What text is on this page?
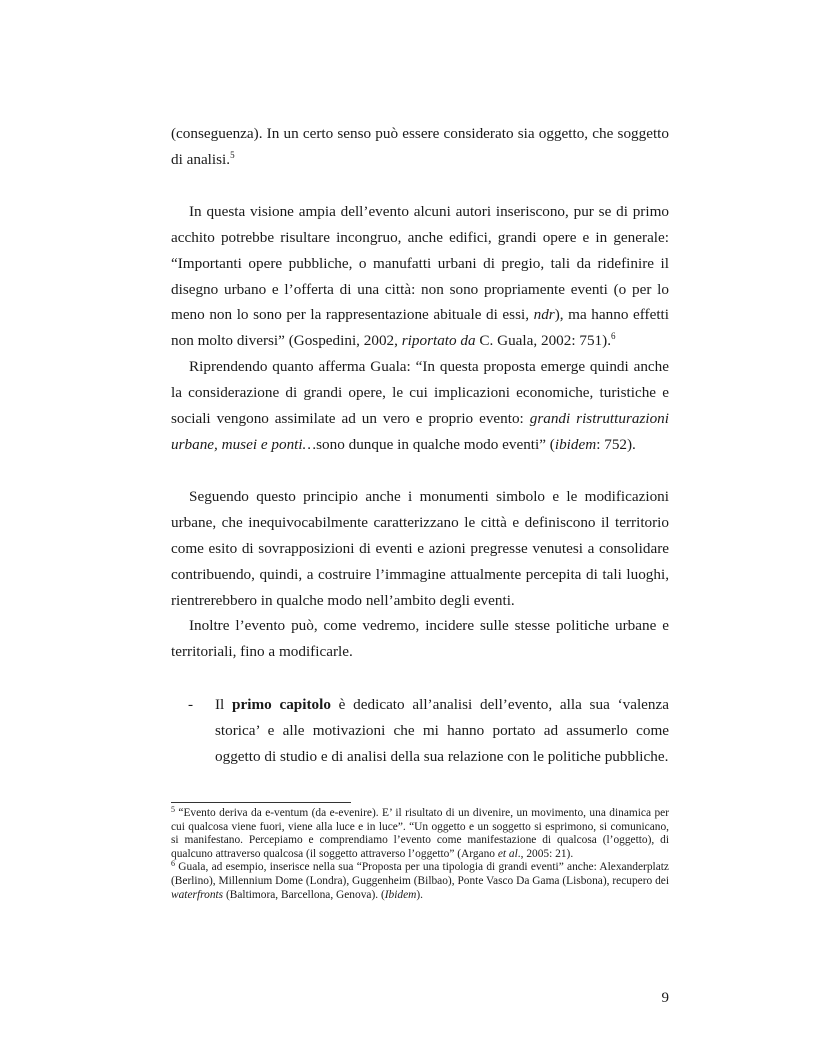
(conseguenza). In un certo senso può essere considerato sia oggetto, che soggetto di analisi.$^5$

In questa visione ampia dell’evento alcuni autori inseriscono, pur se di primo acchito potrebbe risultare incongruo, anche edifici, grandi opere e in generale: “Importanti opere pubbliche, o manufatti urbani di pregio, tali da ridefinire il disegno urbano e l’offerta di una città: non sono propriamente eventi (o per lo meno non lo sono per la rappresentazione abituale di essi, ndr), ma hanno effetti non molto diversi” (Gospedini, 2002, riportato da C. Guala, 2002: 751).$^6$

Riprendendo quanto afferma Guala: “In questa proposta emerge quindi anche la considerazione di grandi opere, le cui implicazioni economiche, turistiche e sociali vengono assimilate ad un vero e proprio evento: grandi ristrutturazioni urbane, musei e ponti…sono dunque in qualche modo eventi” (ibidem: 752).

Seguendo questo principio anche i monumenti simbolo e le modificazioni urbane, che inequivocabilmente caratterizzano le città e definiscono il territorio come esito di sovrapposizioni di eventi e azioni pregresse venutesi a consolidare contribuendo, quindi, a costruire l’immagine attualmente percepita di tali luoghi, rientrerebbero in qualche modo nell’ambito degli eventi.

Inoltre l’evento può, come vedremo, incidere sulle stesse politiche urbane e territoriali, fino a modificarle.

- Il primo capitolo è dedicato all’analisi dell’evento, alla sua ‘valenza storica’ e alle motivazioni che mi hanno portato ad assumerlo come oggetto di studio e di analisi della sua relazione con le politiche pubbliche.

$^5$ “Evento deriva da e-ventum (da e-evenire). E’ il risultato di un divenire, un movimento, una dinamica per cui qualcosa viene fuori, viene alla luce e in luce”. “Un oggetto e un soggetto si esprimono, si comunicano, si manifestano. Percepiamo e comprendiamo l’evento come manifestazione di qualcosa (l’oggetto), di qualcuno attraverso qualcosa (il soggetto attraverso l’oggetto” (Argano et al., 2005: 21).

$^6$ Guala, ad esempio, inserisce nella sua “Proposta per una tipologia di grandi eventi” anche: Alexanderplatz (Berlino), Millennium Dome (Londra), Guggenheim (Bilbao), Ponte Vasco Da Gama (Lisbona), recupero dei waterfronts (Baltimora, Barcellona, Genova). (Ibidem).

9
